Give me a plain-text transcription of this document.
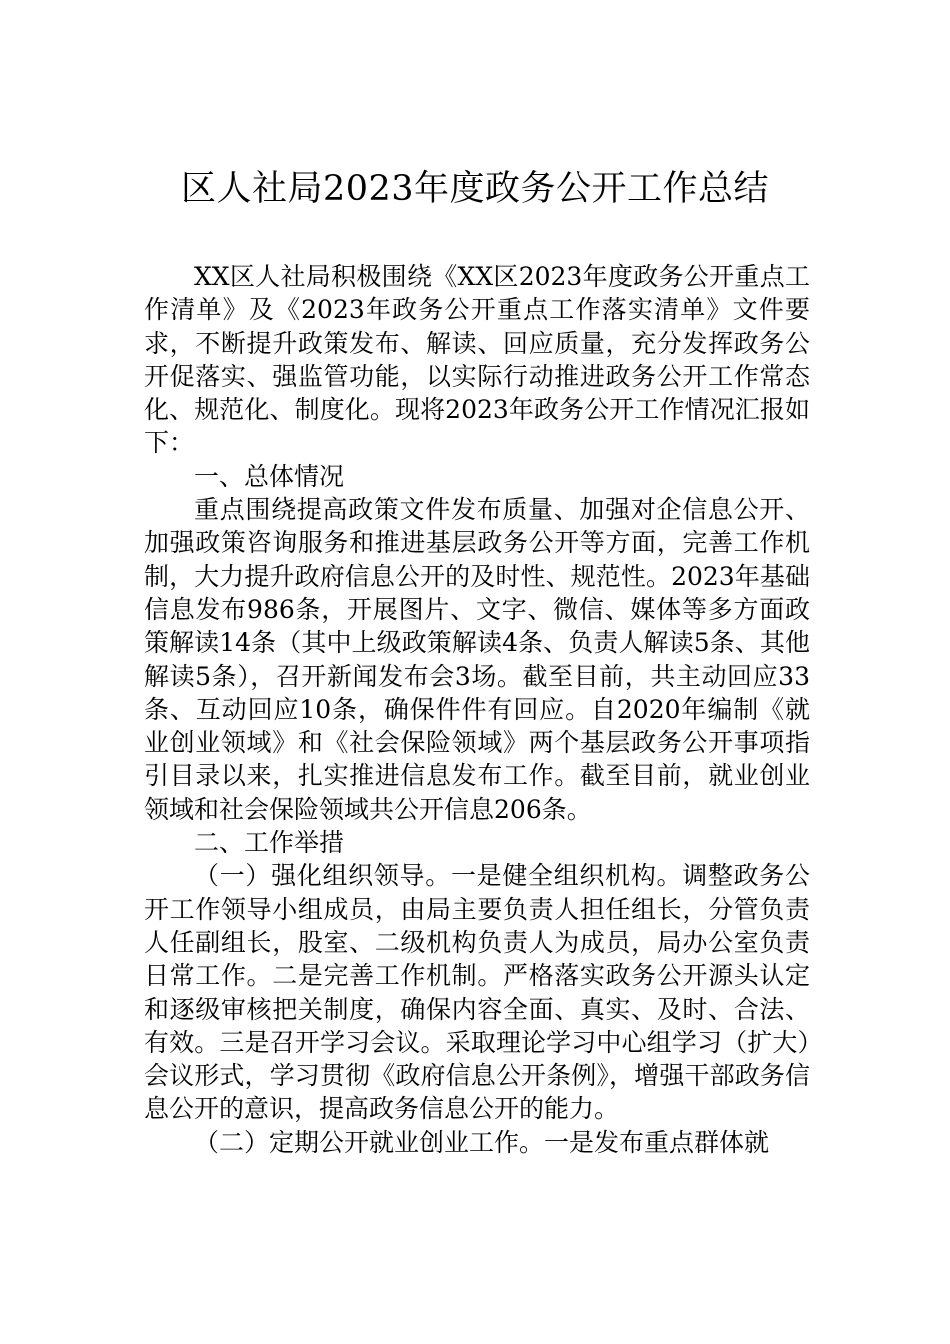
区人社局2023年度政务公开工作总结

XX区人社局积极围绕《XX区2023年度政务公开重点工作清单》及《2023年政务公开重点工作落实清单》文件要求，不断提升政策发布、解读、回应质量，充分发挥政务公开促落实、强监管功能，以实际行动推进政务公开工作常态化、规范化、制度化。现将2023年政务公开工作情况汇报如下：

一、总体情况

重点围绕提高政策文件发布质量、加强对企信息公开、加强政策咨询服务和推进基层政务公开等方面，完善工作机制，大力提升政府信息公开的及时性、规范性。2023年基础信息发布986条，开展图片、文字、微信、媒体等多方面政策解读14条（其中上级政策解读4条、负责人解读5条、其他解读5条），召开新闻发布会3场。截至目前，共主动回应33条、互动回应10条，确保件件有回应。自2020年编制《就业创业领域》和《社会保险领域》两个基层政务公开事项指引目录以来，扎实推进信息发布工作。截至目前，就业创业领域和社会保险领域共公开信息206条。

二、工作举措

（一）强化组织领导。一是健全组织机构。调整政务公开工作领导小组成员，由局主要负责人担任组长，分管负责人任副组长，股室、二级机构负责人为成员，局办公室负责日常工作。二是完善工作机制。严格落实政务公开源头认定和逐级审核把关制度，确保内容全面、真实、及时、合法、有效。三是召开学习会议。采取理论学习中心组学习（扩大）会议形式，学习贯彻《政府信息公开条例》，增强干部政务信息公开的意识，提高政务信息公开的能力。

（二）定期公开就业创业工作。一是发布重点群体就
